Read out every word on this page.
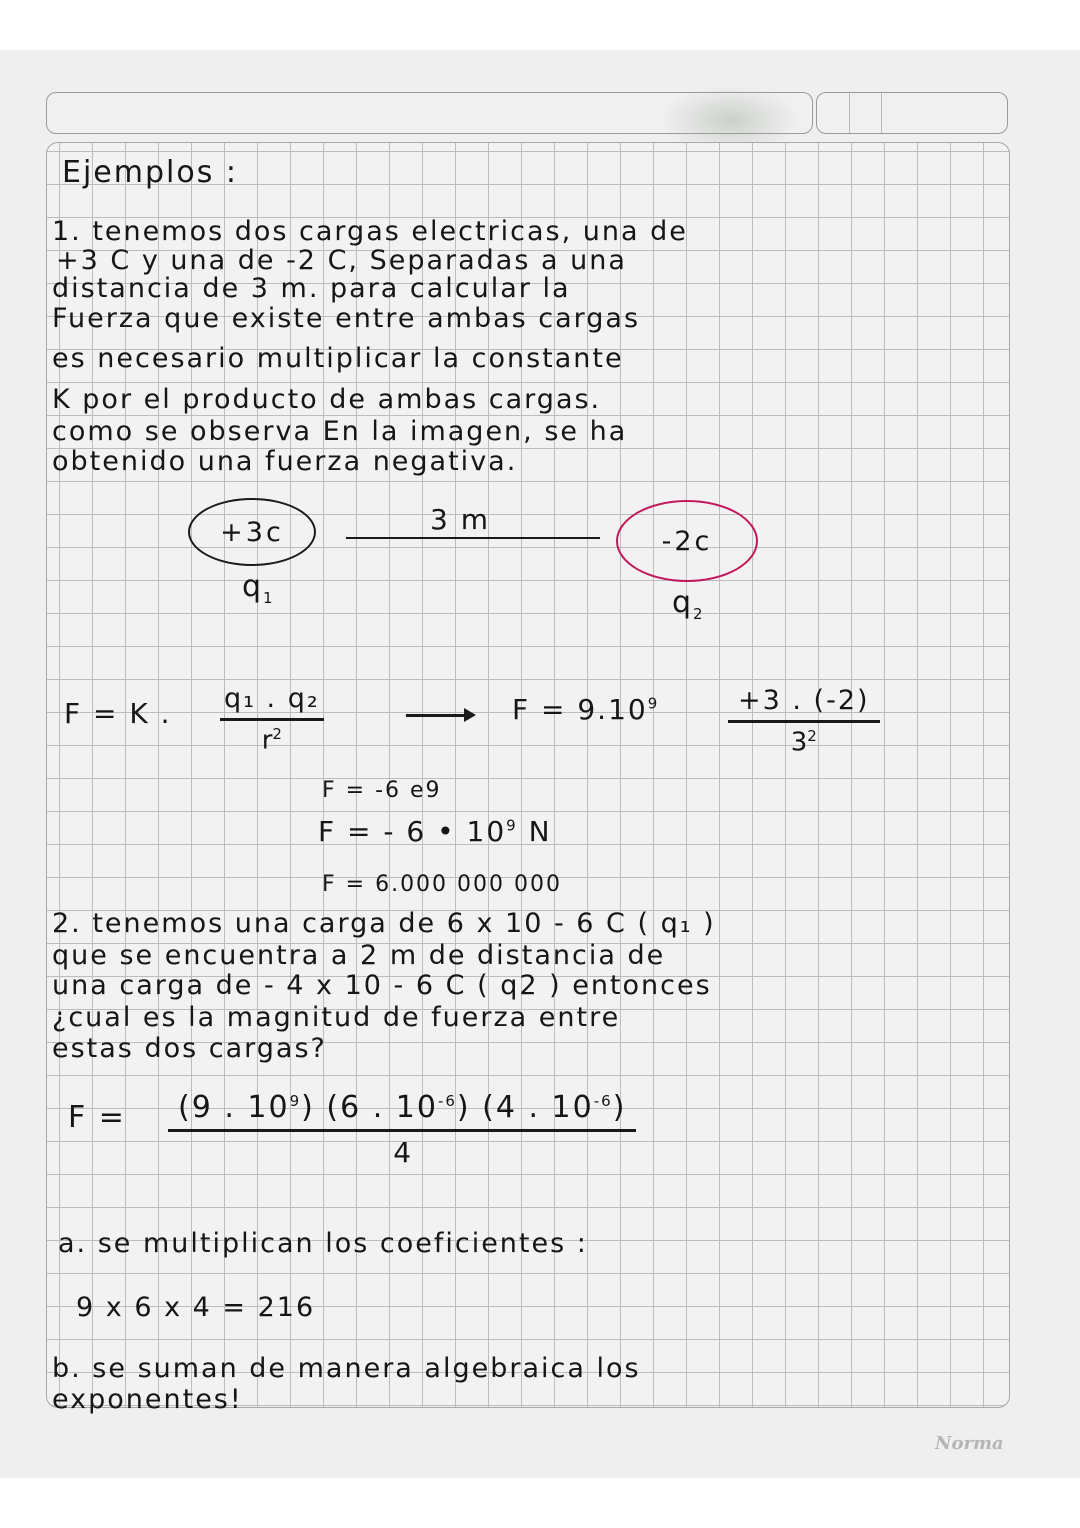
Ejemplos :
1. tenemos dos cargas electricas, una de
+3 C y una de -2 C, Separadas a una
distancia de 3 m. para calcular la
Fuerza que existe entre ambas cargas
es necesario multiplicar la constante
K por el producto de ambas cargas.
como se observa En la imagen, se ha
obtenido una fuerza negativa.
+3c
$q_1$
3 m
-2c
$q_2$
F = K . $\frac{\text{q₁ . q₂}}{r^2}$	$F = 9.10^9$	$\frac{+3 . (-2)}{3^2}$
F = -6 e9
F = - 6 • $10^9$ N
F = 6.000 000 000
2. tenemos una carga de 6 x 10 - 6 C ( q₁ )
que se encuentra a 2 m de distancia de
una carga de - 4 x 10 - 6 C ( q2 ) entonces
¿cual es la magnitud de fuerza entre
estas dos cargas?
$F = \frac{(9 . 10^9) (6 . 10^{-6}) (4 . 10^{-6})}{4}$
a. se multiplican los coeficientes :
9 x 6 x 4 = 216
b. se suman de manera algebraica los
exponentes!
Norma
